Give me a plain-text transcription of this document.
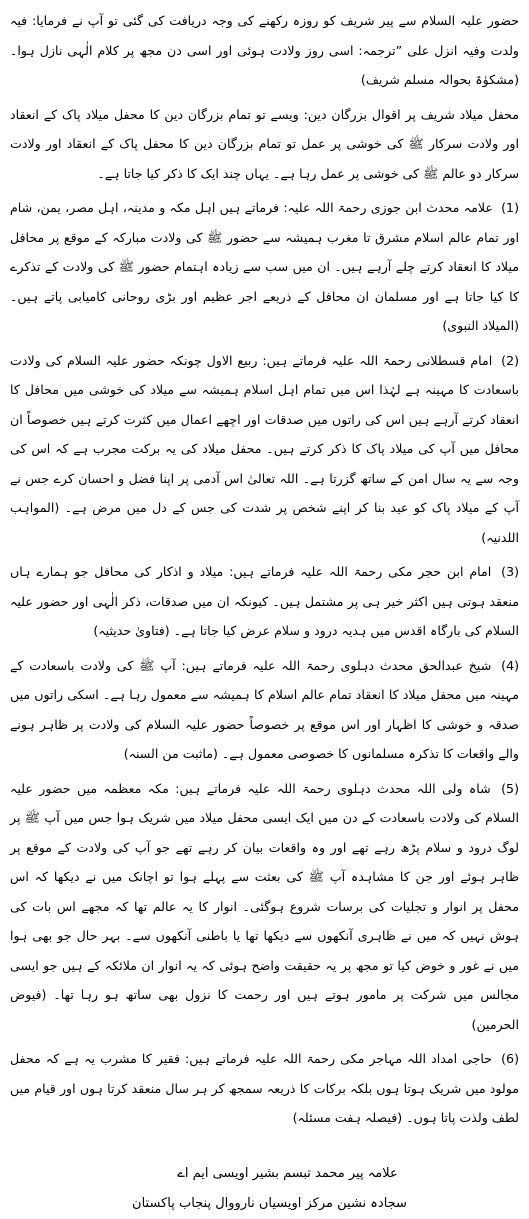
حضور علیہ السلام سے پیر شریف کو روزہ رکھنے کی وجہ دریافت کی گئی تو آپ نے فرمایا: فیہ ولدت وفیہ انزل علی ”ترجمہ: اسی روز ولادت ہوئی اور اسی دن مجھ پر کلام الٰہی نازل ہوا۔ (مشکوٰۃ بحوالہ مسلم شریف)

محفل میلاد شریف پر اقوال بزرگان دین: ویسے تو تمام بزرگان دین کا محفل میلاد پاک کے انعقاد اور ولادت سرکار ﷺ کی خوشی پر عمل تو تمام بزرگان دین کا محفل پاک کے انعقاد اور ولادت سرکار دو عالم ﷺ کی خوشی پر عمل رہا ہے۔ یہاں چند ایک کا ذکر کیا جاتا ہے۔

(1) علامہ محدث ابن جوزی رحمۃ اللہ علیہ: فرماتے ہیں اہل مکہ و مدینہ، اہل مصر، یمن، شام اور تمام عالم اسلام مشرق تا مغرب ہمیشہ سے حضور ﷺ کی ولادت مبارکہ کے موقع پر محافل میلاد کا انعقاد کرتے چلے آرہے ہیں۔ ان میں سب سے زیادہ اہتمام حضور ﷺ کی ولادت کے تذکرے کا کیا جاتا ہے اور مسلمان ان محافل کے ذریعے اجر عظیم اور بڑی روحانی کامیابی پاتے ہیں۔ (المیلاد النبوی)

(2) امام قسطلانی رحمۃ اللہ علیہ فرماتے ہیں: ربیع الاول چونکہ حضور علیہ السلام کی ولادت باسعادت کا مہینہ ہے لہٰذا اس میں تمام اہل اسلام ہمیشہ سے میلاد کی خوشی میں محافل کا انعقاد کرتے آرہے ہیں اس کی راتوں میں صدقات اور اچھے اعمال میں کثرت کرتے ہیں خصوصاً ان محافل میں آپ کی میلاد پاک کا ذکر کرتے ہیں۔ محفل میلاد کی یہ برکت مجرب ہے کہ اس کی وجہ سے یہ سال امن کے ساتھ گزرتا ہے۔ اللہ تعالیٰ اس آدمی پر اپنا فضل و احسان کرے جس نے آپ کے میلاد پاک کو عید بنا کر اپنے شخص پر شدت کی جس کے دل میں مرض ہے۔ (المواہب اللدنیہ)

(3) امام ابن حجر مکی رحمۃ اللہ علیہ فرماتے ہیں: میلاد و اذکار کی محافل جو ہمارے ہاں منعقد ہوتی ہیں اکثر خیر ہی پر مشتمل ہیں۔ کیونکہ ان میں صدقات، ذکر الٰہی اور حضور علیہ السلام کی بارگاہ اقدس میں ہدیہ درود و سلام عرض کیا جاتا ہے۔ (فتاویٰ حدیثیہ)

(4) شیخ عبدالحق محدث دہلوی رحمۃ اللہ علیہ فرماتے ہیں: آپ ﷺ کی ولادت باسعادت کے مہینہ میں محفل میلاد کا انعقاد تمام عالم اسلام کا ہمیشہ سے معمول رہا ہے۔ اسکی راتوں میں صدقہ و خوشی کا اظہار اور اس موقع پر خصوصاً حضور علیہ السلام کی ولادت پر ظاہر ہونے والے واقعات کا تذکرہ مسلمانوں کا خصوصی معمول ہے۔ (ماثبت من السنہ)

(5) شاہ ولی اللہ محدث دہلوی رحمۃ اللہ علیہ فرماتے ہیں: مکہ معظمہ میں حضور علیہ السلام کی ولادت باسعادت کے دن میں ایک ایسی محفل میلاد میں شریک ہوا جس میں آپ ﷺ پر لوگ درود و سلام پڑھ رہے تھے اور وہ واقعات بیان کر رہے تھے جو آپ کی ولادت کے موقع پر ظاہر ہوئے اور جن کا مشاہدہ آپ ﷺ کی بعثت سے پہلے ہوا تو اچانک میں نے دیکھا کہ اس محفل پر انوار و تجلیات کی برسات شروع ہوگئی۔ انوار کا یہ عالم تھا کہ مجھے اس بات کی ہوش نہیں کہ میں نے ظاہری آنکھوں سے دیکھا تھا یا باطنی آنکھوں سے۔ بہر حال جو بھی ہوا میں نے غور و خوض کیا تو مجھ پر یہ حقیقت واضح ہوئی کہ یہ انوار ان ملائکہ کے ہیں جو ایسی مجالس میں شرکت پر مامور ہوتے ہیں اور رحمت کا نزول بھی ساتھ ہو رہا تھا۔ (فیوض الحرمین)

(6) حاجی امداد اللہ مہاجر مکی رحمۃ اللہ علیہ فرماتے ہیں: فقیر کا مشرب یہ ہے کہ محفل مولود میں شریک ہوتا ہوں بلکہ برکات کا ذریعہ سمجھ کر ہر سال منعقد کرتا ہوں اور قیام میں لطف ولذت پاتا ہوں۔ (فیصلہ ہفت مسئلہ)

علامہ پیر محمد تبسم بشیر اویسی ایم اے
سجادہ نشین مرکز اویسیاں نارووال پنجاب پاکستان
